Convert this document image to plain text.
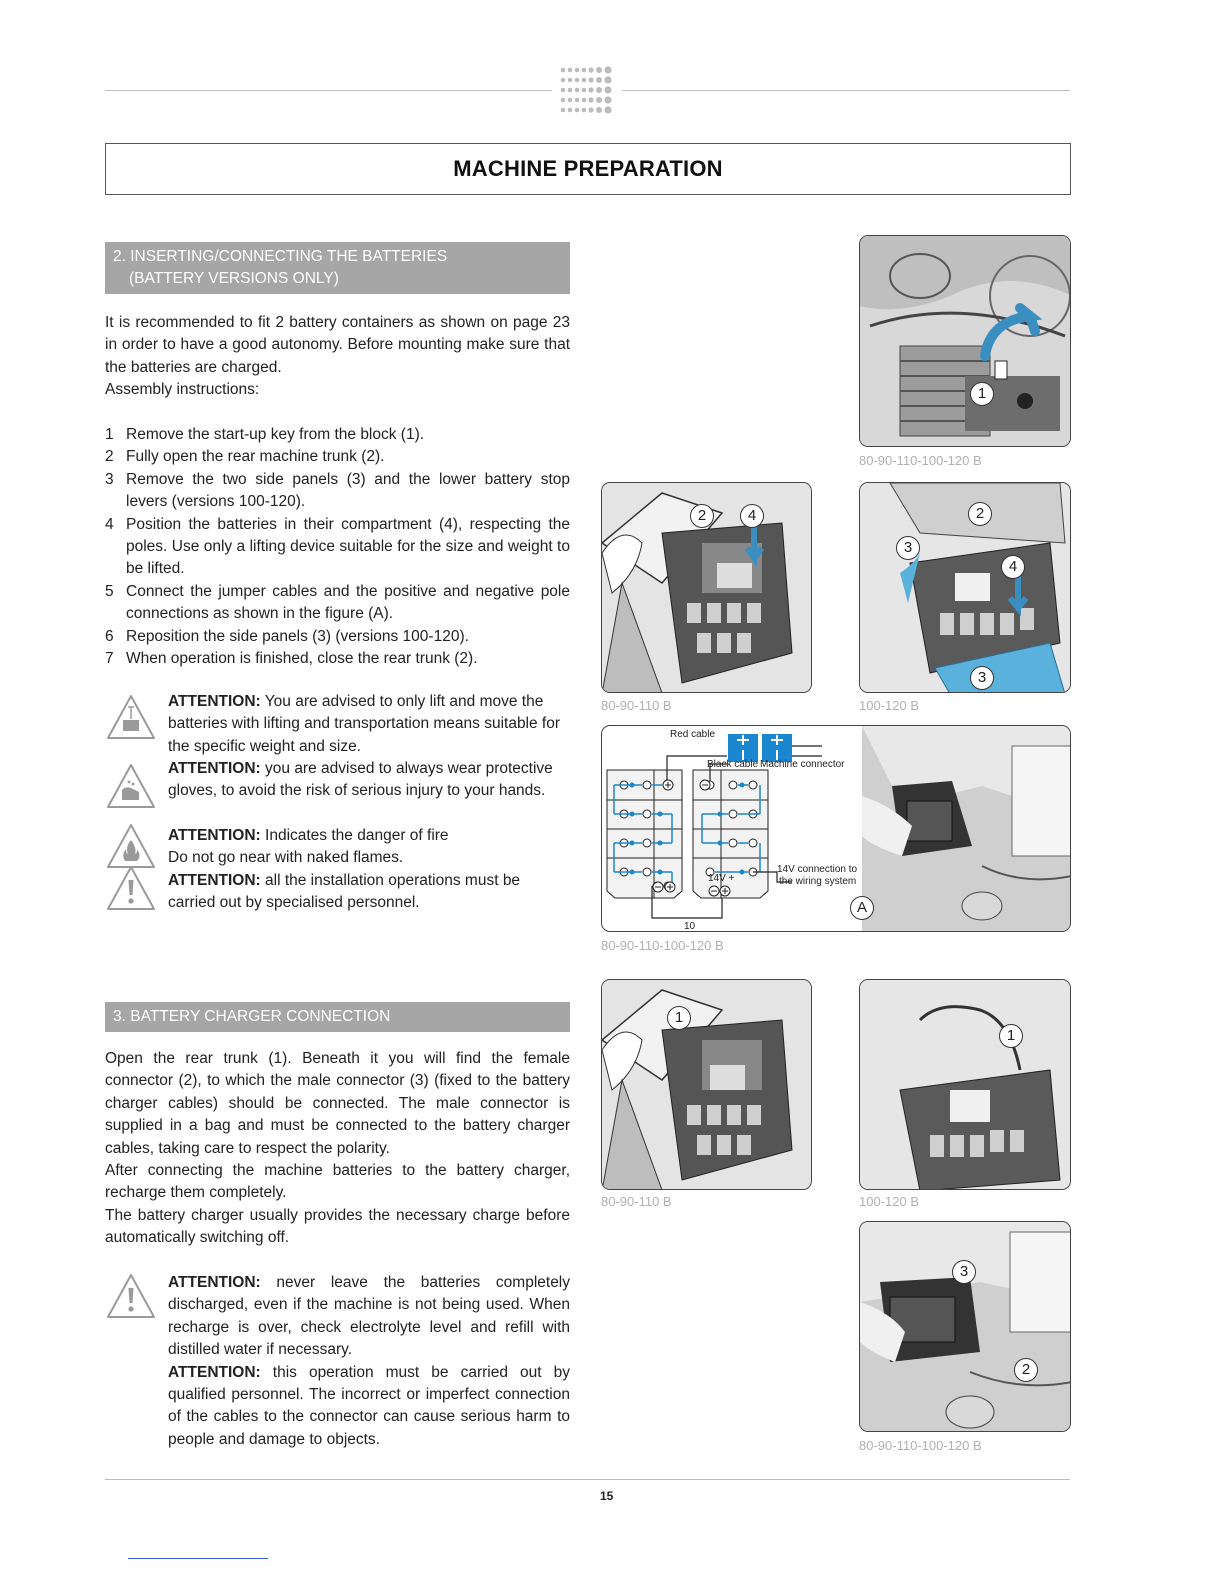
MACHINE PREPARATION
2. INSERTING/CONNECTING THE BATTERIES
(BATTERY VERSIONS ONLY)

It is recommended to fit 2 battery containers as shown on page 23 in order to have a good autonomy. Before mounting make sure that the batteries are charged.

Assembly instructions:

1 Remove the start-up key from the block (1).
2 Fully open the rear machine trunk (2).
3 Remove the two side panels (3) and the lower battery stop levers (versions 100-120).
4 Position the batteries in their compartment (4), respecting the poles. Use only a lifting device suitable for the size and weight to be lifted.
5 Connect the jumper cables and the positive and negative pole connections as shown in the figure (A).
6 Reposition the side panels (3) (versions 100-120).
7 When operation is finished, close the rear trunk (2).
ATTENTION: You are advised to only lift and move the batteries with lifting and transportation means suitable for the specific weight and size.
ATTENTION: you are advised to always wear protective gloves, to avoid the risk of serious injury to your hands.
ATTENTION: Indicates the danger of fire
Do not go near with naked flames.
ATTENTION: all the installation operations must be carried out by specialised personnel.
3. BATTERY CHARGER CONNECTION

Open the rear trunk (1). Beneath it you will find the female connector (2), to which the male connector (3) (fixed to the battery charger cables) should be connected. The male connector is supplied in a bag and must be connected to the battery charger cables, taking care to respect the polarity.

After connecting the machine batteries to the battery charger, recharge them completely.

The battery charger usually provides the necessary charge before automatically switching off.

ATTENTION: never leave the batteries completely discharged, even if the machine is not being used. When recharge is over, check electrolyte level and refill with distilled water if necessary.
ATTENTION: this operation must be carried out by qualified personnel. The incorrect or imperfect connection of the cables to the connector can cause serious harm to people and damage to objects.
1
80-90-110-100-120 B
2	4
80-90-110 B
2
3
4
3
100-120 B
Red cable
Black cable Machine connector
14V connection to
the wiring system
14V +
10
A
80-90-110-100-120 B
1
80-90-110 B
1
100-120 B
3
2
80-90-110-100-120 B
15
